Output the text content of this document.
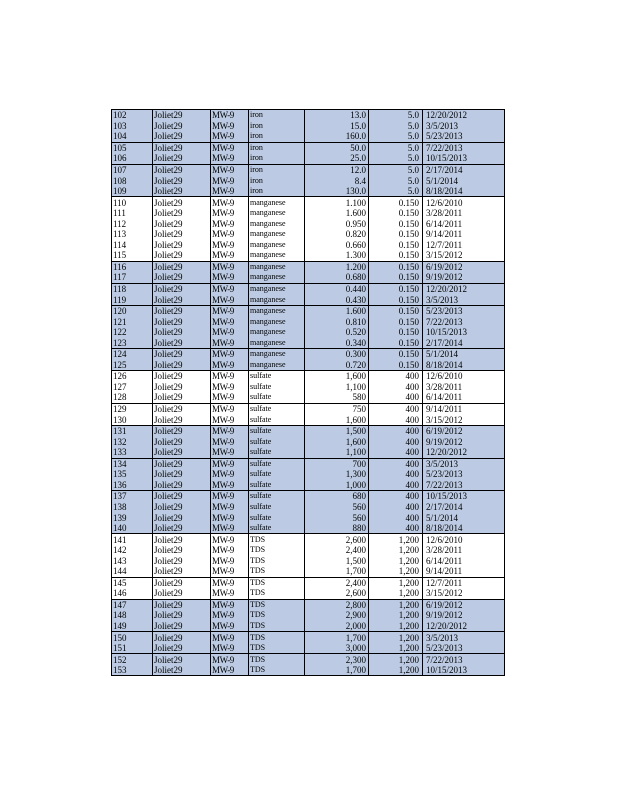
102	Joliet29	MW-9	iron	13.0	5.0	12/20/2012
103	Joliet29	MW-9	iron	15.0	5.0	3/5/2013
104	Joliet29	MW-9	iron	160.0	5.0	5/23/2013
105	Joliet29	MW-9	iron	50.0	5.0	7/22/2013
106	Joliet29	MW-9	iron	25.0	5.0	10/15/2013
107	Joliet29	MW-9	iron	12.0	5.0	2/17/2014
108	Joliet29	MW-9	iron	8.4	5.0	5/1/2014
109	Joliet29	MW-9	iron	130.0	5.0	8/18/2014
110	Joliet29	MW-9	manganese	1.100	0.150	12/6/2010
111	Joliet29	MW-9	manganese	1.600	0.150	3/28/2011
112	Joliet29	MW-9	manganese	0.950	0.150	6/14/2011
113	Joliet29	MW-9	manganese	0.820	0.150	9/14/2011
114	Joliet29	MW-9	manganese	0.660	0.150	12/7/2011
115	Joliet29	MW-9	manganese	1.300	0.150	3/15/2012
116	Joliet29	MW-9	manganese	1.200	0.150	6/19/2012
117	Joliet29	MW-9	manganese	0.680	0.150	9/19/2012
118	Joliet29	MW-9	manganese	0.440	0.150	12/20/2012
119	Joliet29	MW-9	manganese	0.430	0.150	3/5/2013
120	Joliet29	MW-9	manganese	1.600	0.150	5/23/2013
121	Joliet29	MW-9	manganese	0.810	0.150	7/22/2013
122	Joliet29	MW-9	manganese	0.520	0.150	10/15/2013
123	Joliet29	MW-9	manganese	0.340	0.150	2/17/2014
124	Joliet29	MW-9	manganese	0.300	0.150	5/1/2014
125	Joliet29	MW-9	manganese	0.720	0.150	8/18/2014
126	Joliet29	MW-9	sulfate	1,600	400	12/6/2010
127	Joliet29	MW-9	sulfate	1,100	400	3/28/2011
128	Joliet29	MW-9	sulfate	580	400	6/14/2011
129	Joliet29	MW-9	sulfate	750	400	9/14/2011
130	Joliet29	MW-9	sulfate	1,600	400	3/15/2012
131	Joliet29	MW-9	sulfate	1,500	400	6/19/2012
132	Joliet29	MW-9	sulfate	1,600	400	9/19/2012
133	Joliet29	MW-9	sulfate	1,100	400	12/20/2012
134	Joliet29	MW-9	sulfate	700	400	3/5/2013
135	Joliet29	MW-9	sulfate	1,300	400	5/23/2013
136	Joliet29	MW-9	sulfate	1,000	400	7/22/2013
137	Joliet29	MW-9	sulfate	680	400	10/15/2013
138	Joliet29	MW-9	sulfate	560	400	2/17/2014
139	Joliet29	MW-9	sulfate	560	400	5/1/2014
140	Joliet29	MW-9	sulfate	880	400	8/18/2014
141	Joliet29	MW-9	TDS	2,600	1,200	12/6/2010
142	Joliet29	MW-9	TDS	2,400	1,200	3/28/2011
143	Joliet29	MW-9	TDS	1,500	1,200	6/14/2011
144	Joliet29	MW-9	TDS	1,700	1,200	9/14/2011
145	Joliet29	MW-9	TDS	2,400	1,200	12/7/2011
146	Joliet29	MW-9	TDS	2,600	1,200	3/15/2012
147	Joliet29	MW-9	TDS	2,800	1,200	6/19/2012
148	Joliet29	MW-9	TDS	2,900	1,200	9/19/2012
149	Joliet29	MW-9	TDS	2,000	1,200	12/20/2012
150	Joliet29	MW-9	TDS	1,700	1,200	3/5/2013
151	Joliet29	MW-9	TDS	3,000	1,200	5/23/2013
152	Joliet29	MW-9	TDS	2,300	1,200	7/22/2013
153	Joliet29	MW-9	TDS	1,700	1,200	10/15/2013
